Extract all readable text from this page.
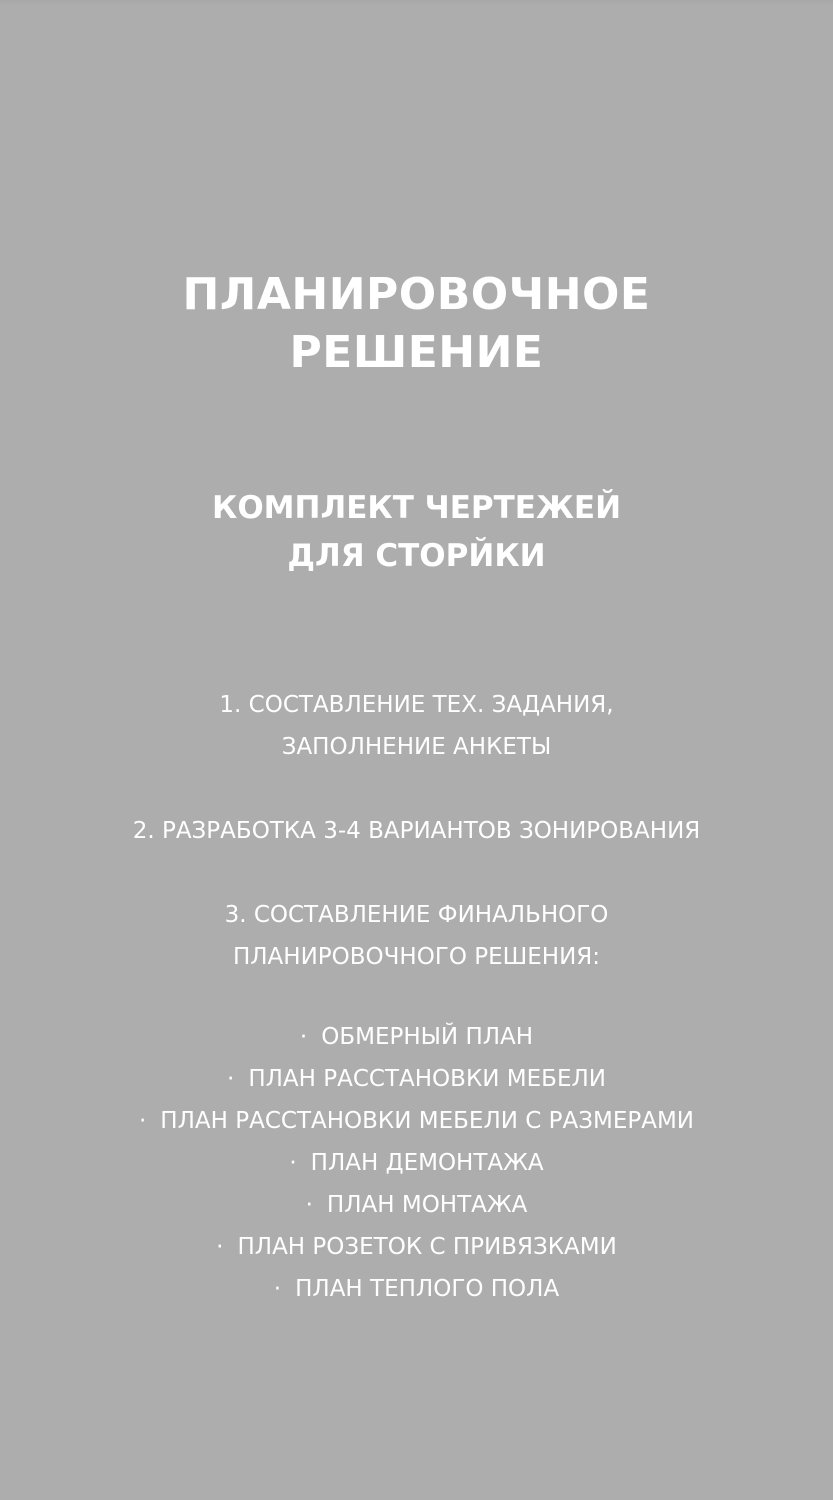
ПЛАНИРОВОЧНОЕ
РЕШЕНИЕ
КОМПЛЕКТ ЧЕРТЕЖЕЙ
ДЛЯ СТОРЙКИ
1. СОСТАВЛЕНИЕ ТЕХ. ЗАДАНИЯ,
ЗАПОЛНЕНИЕ АНКЕТЫ
2. РАЗРАБОТКА 3-4 ВАРИАНТОВ ЗОНИРОВАНИЯ
3. СОСТАВЛЕНИЕ ФИНАЛЬНОГО
ПЛАНИРОВОЧНОГО РЕШЕНИЯ:
· ОБМЕРНЫЙ ПЛАН
· ПЛАН РАССТАНОВКИ МЕБЕЛИ
· ПЛАН РАССТАНОВКИ МЕБЕЛИ С РАЗМЕРАМИ
· ПЛАН ДЕМОНТАЖА
· ПЛАН МОНТАЖА
· ПЛАН РОЗЕТОК С ПРИВЯЗКАМИ
· ПЛАН ТЕПЛОГО ПОЛА
